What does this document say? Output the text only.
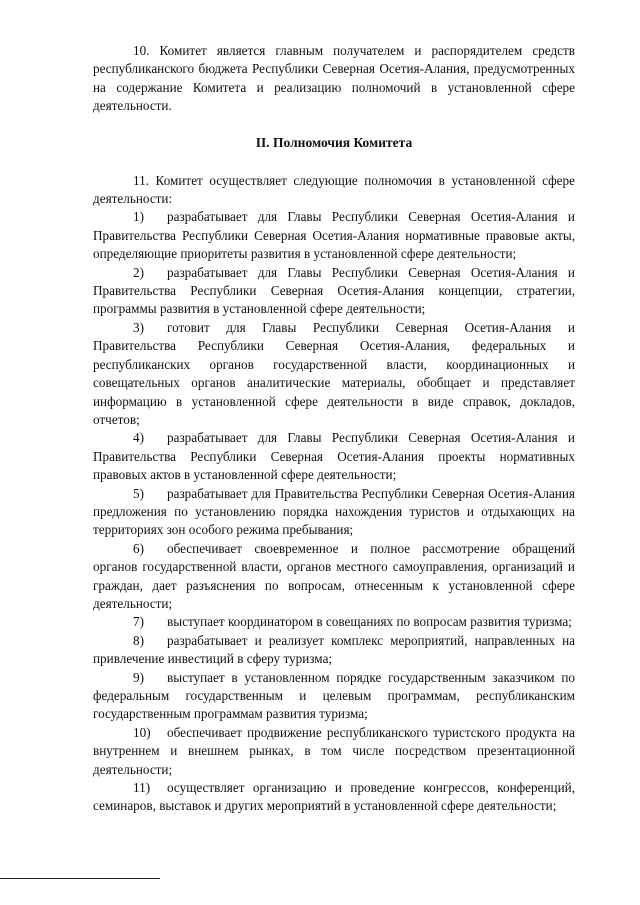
10. Комитет является главным получателем и распорядителем средств республиканского бюджета Республики Северная Осетия-Алания, предусмотренных на содержание Комитета и реализацию полномочий в установленной сфере деятельности.

II. Полномочия Комитета

11. Комитет осуществляет следующие полномочия в установленной сфере деятельности:

1) разрабатывает для Главы Республики Северная Осетия-Алания и Правительства Республики Северная Осетия-Алания нормативные правовые акты, определяющие приоритеты развития в установленной сфере деятельности;

2) разрабатывает для Главы Республики Северная Осетия-Алания и Правительства Республики Северная Осетия-Алания концепции, стратегии, программы развития в установленной сфере деятельности;

3) готовит для Главы Республики Северная Осетия-Алания и Правительства Республики Северная Осетия-Алания, федеральных и республиканских органов государственной власти, координационных и совещательных органов аналитические материалы, обобщает и представляет информацию в установленной сфере деятельности в виде справок, докладов, отчетов;

4) разрабатывает для Главы Республики Северная Осетия-Алания и Правительства Республики Северная Осетия-Алания проекты нормативных правовых актов в установленной сфере деятельности;

5) разрабатывает для Правительства Республики Северная Осетия-Алания предложения по установлению порядка нахождения туристов и отдыхающих на территориях зон особого режима пребывания;

6) обеспечивает своевременное и полное рассмотрение обращений органов государственной власти, органов местного самоуправления, организаций и граждан, дает разъяснения по вопросам, отнесенным к установленной сфере деятельности;

7) выступает координатором в совещаниях по вопросам развития туризма;

8) разрабатывает и реализует комплекс мероприятий, направленных на привлечение инвестиций в сферу туризма;

9) выступает в установленном порядке государственным заказчиком по федеральным государственным и целевым программам, республиканским государственным программам развития туризма;

10) обеспечивает продвижение республиканского туристского продукта на внутреннем и внешнем рынках, в том числе посредством презентационной деятельности;

11) осуществляет организацию и проведение конгрессов, конференций, семинаров, выставок и других мероприятий в установленной сфере деятельности;
